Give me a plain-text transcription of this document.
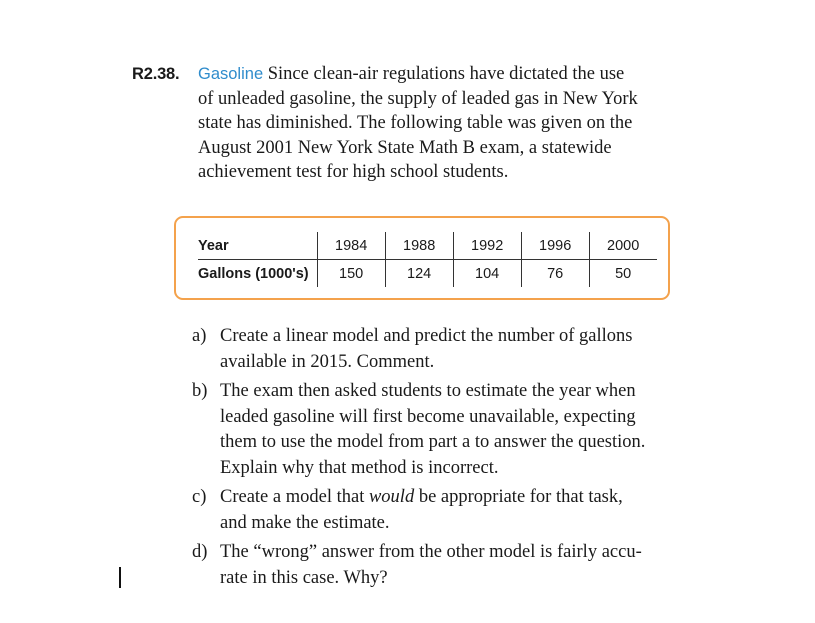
R2.38. Gasoline Since clean-air regulations have dictated the use
of unleaded gasoline, the supply of leaded gas in New York
state has diminished. The following table was given on the
August 2001 New York State Math B exam, a statewide
achievement test for high school students.
Year	1984	1988	1992	1996	2000
Gallons (1000's)	150	124	104	76	50
a) Create a linear model and predict the number of gallons
available in 2015. Comment.
b) The exam then asked students to estimate the year when
leaded gasoline will first become unavailable, expecting
them to use the model from part a to answer the question.
Explain why that method is incorrect.
c) Create a model that would be appropriate for that task,
and make the estimate.
d) The “wrong” answer from the other model is fairly accu-
rate in this case. Why?
